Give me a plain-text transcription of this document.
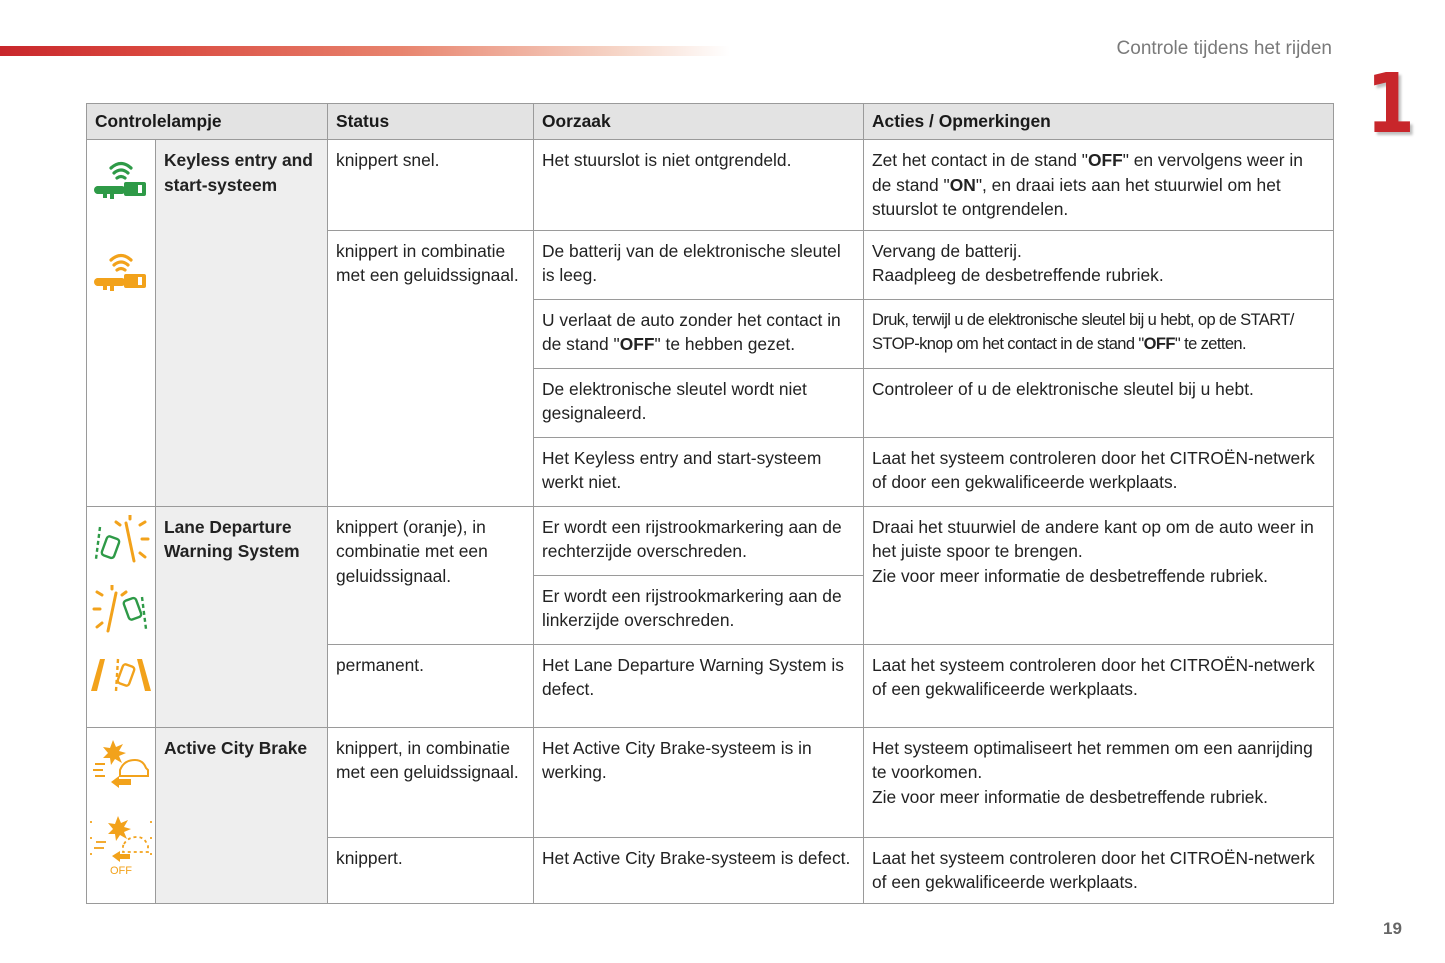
Controle tijdens het rijden
1
19
Controlelampje		Status	Oorzaak	Acties / Opmerkingen

	Keyless entry and start-systeem	knippert snel.	Het stuurslot is niet ontgrendeld.	Zet het contact in de stand "OFF" en vervolgens weer in de stand "ON", en draai iets aan het stuurwiel om het stuurslot te ontgrendelen.
		knippert in combinatie met een geluidssignaal.	De batterij van de elektronische sleutel is leeg.	Vervang de batterij.
Raadpleeg de desbetreffende rubriek.

			U verlaat de auto zonder het contact in de stand "OFF" te hebben gezet.	Druk, terwijl u de elektronische sleutel bij u hebt, op de START/ STOP-knop om het contact in de stand "OFF" te zetten.
			De elektronische sleutel wordt niet gesignaleerd.	Controleer of u de elektronische sleutel bij u hebt.
			Het Keyless entry and start-systeem werkt niet.	Laat het systeem controleren door het CITROËN-netwerk of door een gekwalificeerde werkplaats.

	Lane Departure Warning System	knippert (oranje), in combinatie met een geluidssignaal.	Er wordt een rijstrookmarkering aan de rechterzijde overschreden.	Draai het stuurwiel de andere kant op om de auto weer in het juiste spoor te brengen.
Zie voor meer informatie de desbetreffende rubriek.

			Er wordt een rijstrookmarkering aan de linkerzijde overschreden.	
		permanent.	Het Lane Departure Warning System is defect.	Laat het systeem controleren door het CITROËN-netwerk of een gekwalificeerde werkplaats.

OFF	Active City Brake	knippert, in combinatie met een geluidssignaal.	Het Active City Brake-systeem is in werking.	Het systeem optimaliseert het remmen om een aanrijding te voorkomen.
Zie voor meer informatie de desbetreffende rubriek.

		knippert.	Het Active City Brake-systeem is defect.	Laat het systeem controleren door het CITROËN-netwerk of een gekwalificeerde werkplaats.
